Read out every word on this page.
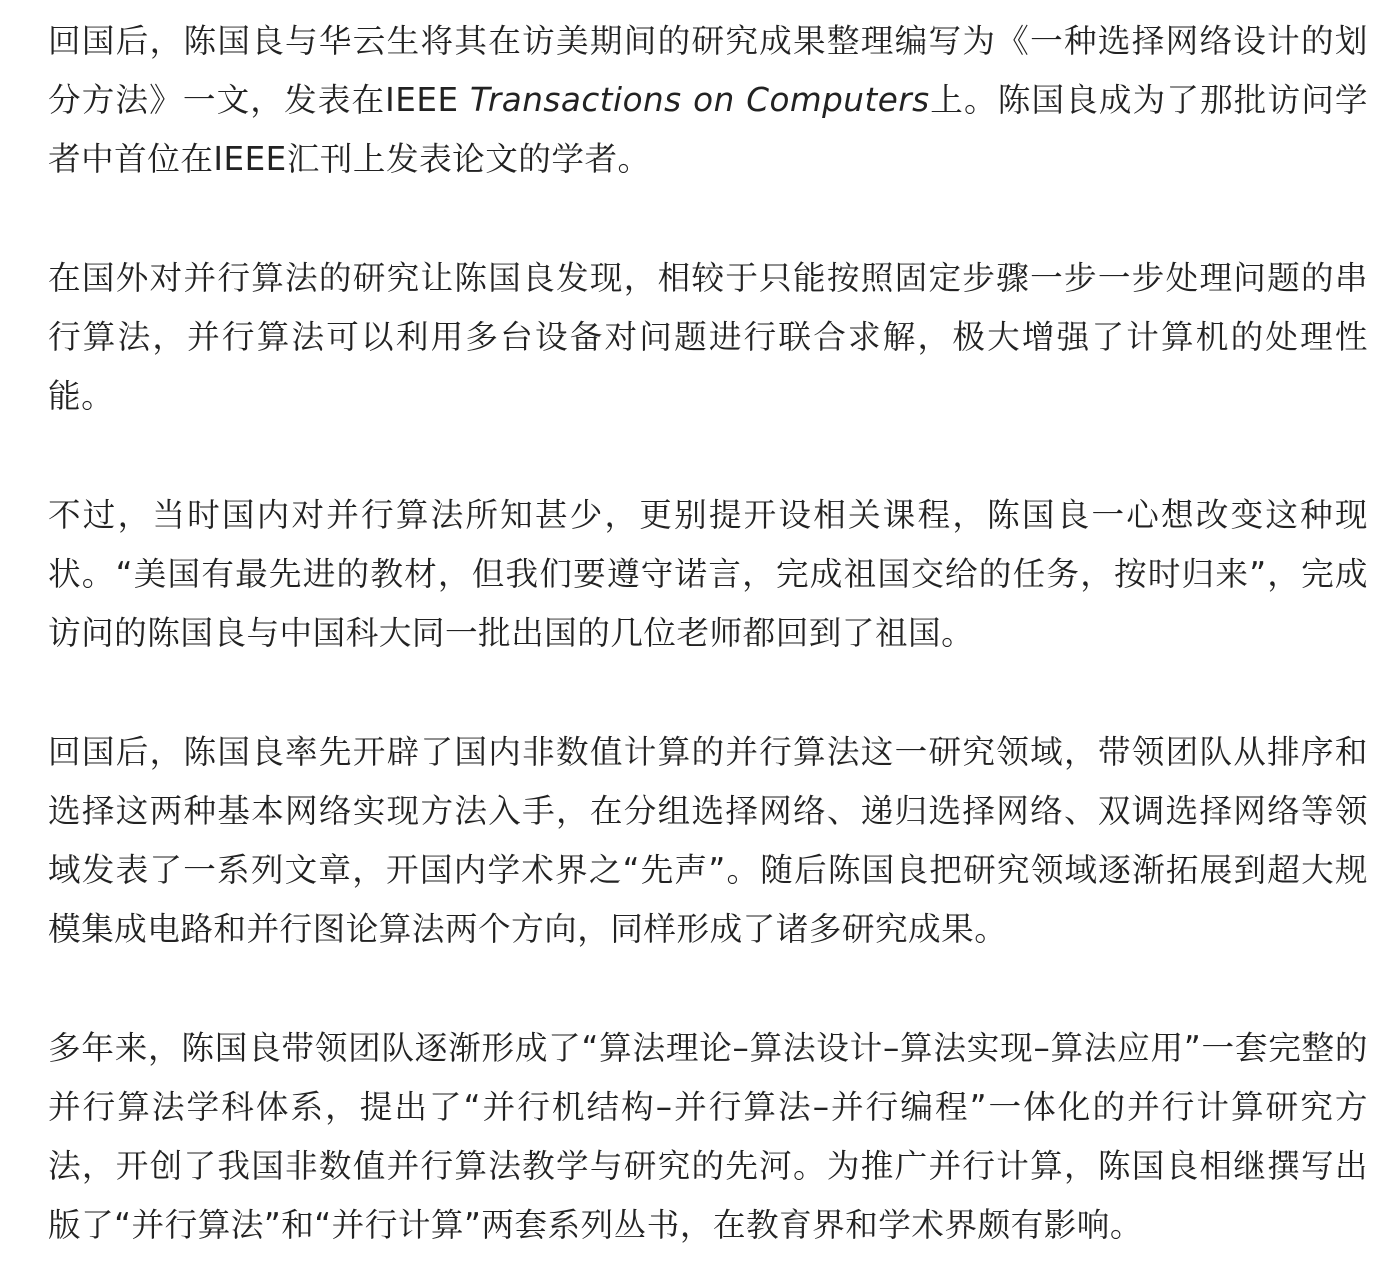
回国后，陈国良与华云生将其在访美期间的研究成果整理编写为《一种选择网络设计的划分方法》一文，发表在IEEE Transactions on Computers上。陈国良成为了那批访问学者中首位在IEEE汇刊上发表论文的学者。

在国外对并行算法的研究让陈国良发现，相较于只能按照固定步骤一步一步处理问题的串行算法，并行算法可以利用多台设备对问题进行联合求解，极大增强了计算机的处理性能。

不过，当时国内对并行算法所知甚少，更别提开设相关课程，陈国良一心想改变这种现状。“美国有最先进的教材，但我们要遵守诺言，完成祖国交给的任务，按时归来”，完成访问的陈国良与中国科大同一批出国的几位老师都回到了祖国。

回国后，陈国良率先开辟了国内非数值计算的并行算法这一研究领域，带领团队从排序和选择这两种基本网络实现方法入手，在分组选择网络、递归选择网络、双调选择网络等领域发表了一系列文章，开国内学术界之“先声”。随后陈国良把研究领域逐渐拓展到超大规模集成电路和并行图论算法两个方向，同样形成了诸多研究成果。

多年来，陈国良带领团队逐渐形成了“算法理论–算法设计–算法实现–算法应用”一套完整的并行算法学科体系，提出了“并行机结构–并行算法–并行编程”一体化的并行计算研究方法，开创了我国非数值并行算法教学与研究的先河。为推广并行计算，陈国良相继撰写出版了“并行算法”和“并行计算”两套系列丛书，在教育界和学术界颇有影响。
